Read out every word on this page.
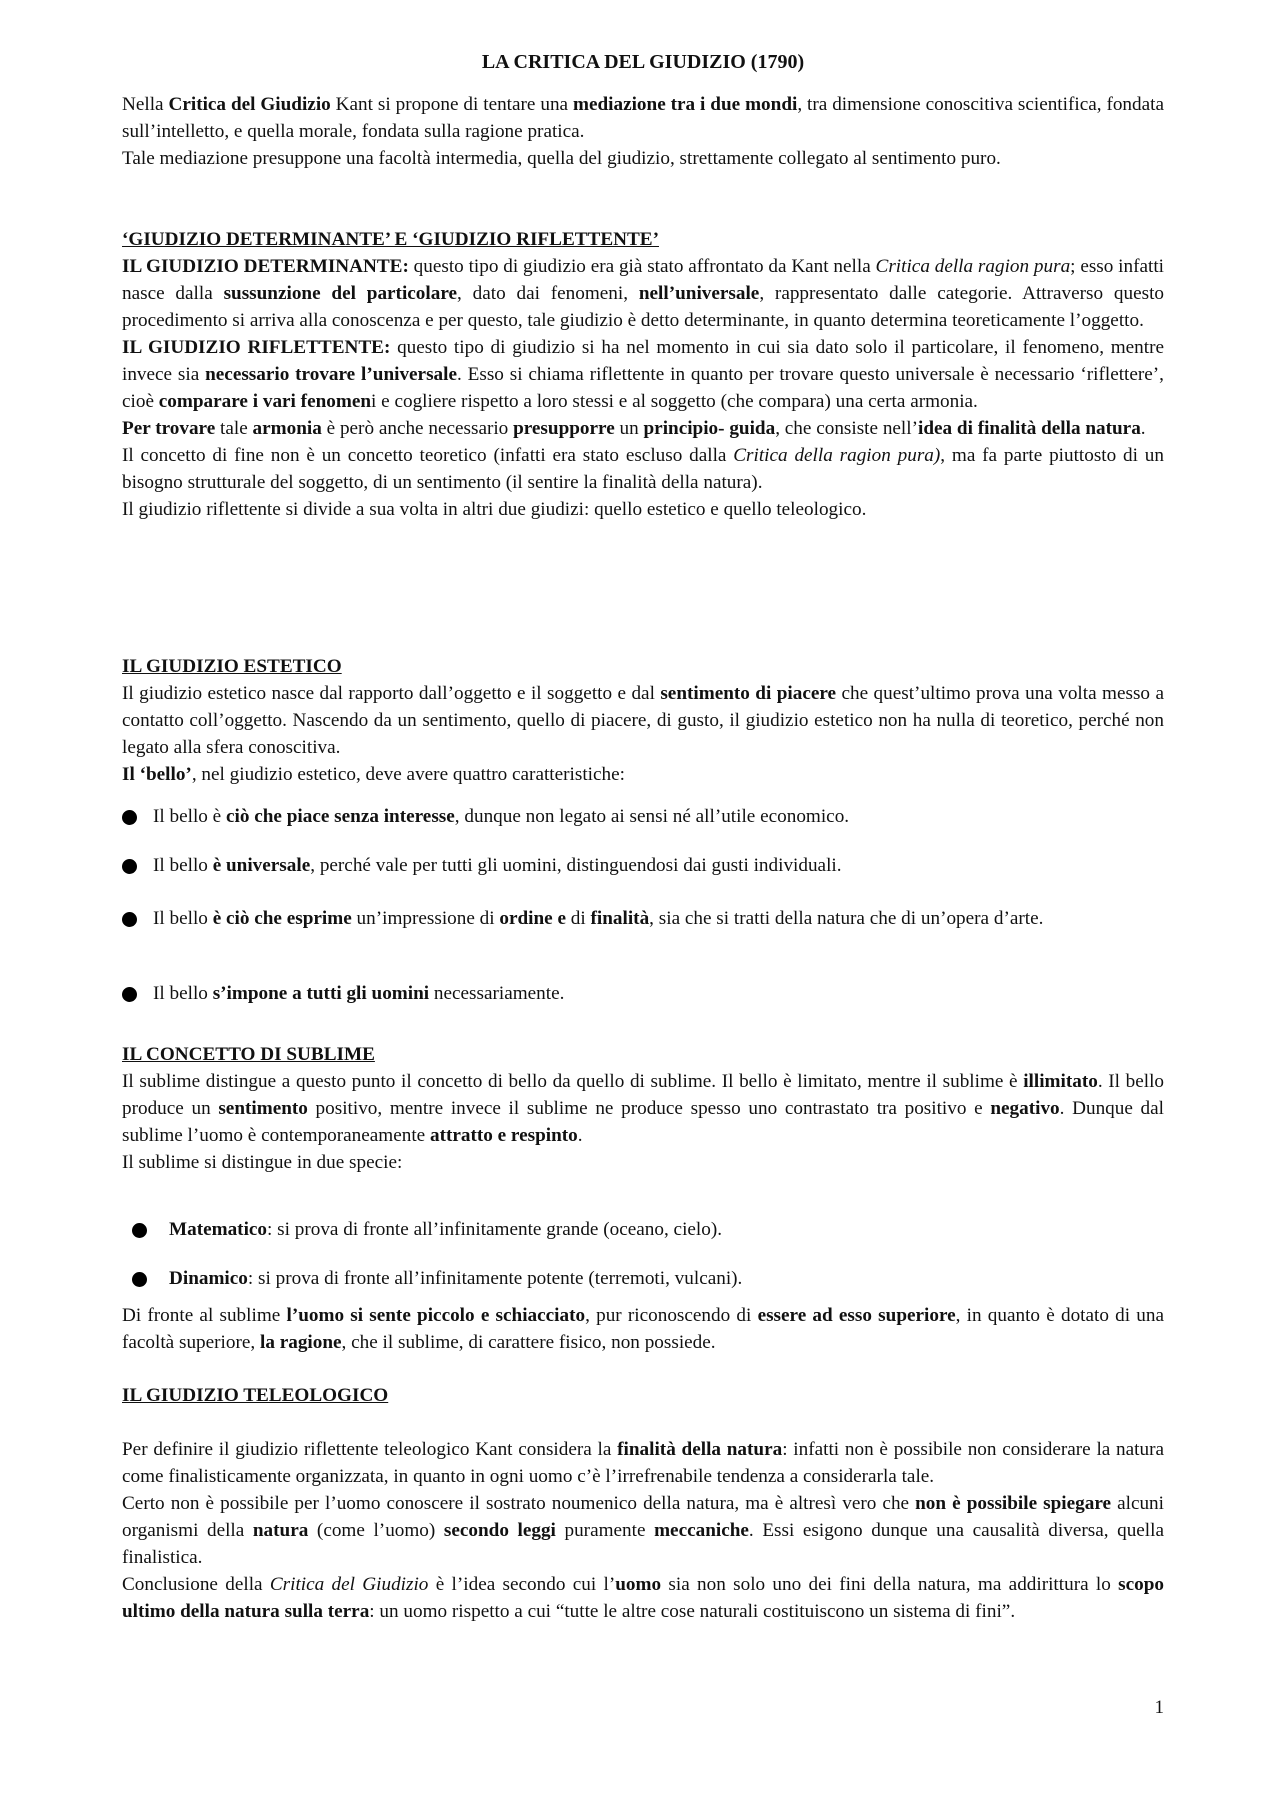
LA CRITICA DEL GIUDIZIO (1790)

Nella Critica del Giudizio Kant si propone di tentare una mediazione tra i due mondi, tra dimensione conoscitiva scientifica, fondata sull’intelletto, e quella morale, fondata sulla ragione pratica.

Tale mediazione presuppone una facoltà intermedia, quella del giudizio, strettamente collegato al sentimento puro.

‘GIUDIZIO DETERMINANTE’ E ‘GIUDIZIO RIFLETTENTE’

IL GIUDIZIO DETERMINANTE: questo tipo di giudizio era già stato affrontato da Kant nella Critica della ragion pura; esso infatti nasce dalla sussunzione del particolare, dato dai fenomeni, nell’universale, rappresentato dalle categorie. Attraverso questo procedimento si arriva alla conoscenza e per questo, tale giudizio è detto determinante, in quanto determina teoreticamente l’oggetto.

IL GIUDIZIO RIFLETTENTE: questo tipo di giudizio si ha nel momento in cui sia dato solo il particolare, il fenomeno, mentre invece sia necessario trovare l’universale. Esso si chiama riflettente in quanto per trovare questo universale è necessario ‘riflettere’, cioè comparare i vari fenomeni e cogliere rispetto a loro stessi e al soggetto (che compara) una certa armonia.

Per trovare tale armonia è però anche necessario presupporre un principio- guida, che consiste nell’idea di finalità della natura.

Il concetto di fine non è un concetto teoretico (infatti era stato escluso dalla Critica della ragion pura), ma fa parte piuttosto di un bisogno strutturale del soggetto, di un sentimento (il sentire la finalità della natura).

Il giudizio riflettente si divide a sua volta in altri due giudizi: quello estetico e quello teleologico.

IL GIUDIZIO ESTETICO

Il giudizio estetico nasce dal rapporto dall’oggetto e il soggetto e dal sentimento di piacere che quest’ultimo prova una volta messo a contatto coll’oggetto. Nascendo da un sentimento, quello di piacere, di gusto, il giudizio estetico non ha nulla di teoretico, perché non legato alla sfera conoscitiva.

Il ‘bello’, nel giudizio estetico, deve avere quattro caratteristiche:

Il bello è ciò che piace senza interesse, dunque non legato ai sensi né all’utile economico.
Il bello è universale, perché vale per tutti gli uomini, distinguendosi dai gusti individuali.
Il bello è ciò che esprime un’impressione di ordine e di finalità, sia che si tratti della natura che di un’opera d’arte.
Il bello s’impone a tutti gli uomini necessariamente.

IL CONCETTO DI SUBLIME

Il sublime distingue a questo punto il concetto di bello da quello di sublime. Il bello è limitato, mentre il sublime è illimitato. Il bello produce un sentimento positivo, mentre invece il sublime ne produce spesso uno contrastato tra positivo e negativo. Dunque dal sublime l’uomo è contemporaneamente attratto e respinto.

Il sublime si distingue in due specie:

Matematico: si prova di fronte all’infinitamente grande (oceano, cielo).
Dinamico: si prova di fronte all’infinitamente potente (terremoti, vulcani).

Di fronte al sublime l’uomo si sente piccolo e schiacciato, pur riconoscendo di essere ad esso superiore, in quanto è dotato di una facoltà superiore, la ragione, che il sublime, di carattere fisico, non possiede.

IL GIUDIZIO TELEOLOGICO

Per definire il giudizio riflettente teleologico Kant considera la finalità della natura: infatti non è possibile non considerare la natura come finalisticamente organizzata, in quanto in ogni uomo c’è l’irrefrenabile tendenza a considerarla tale.

Certo non è possibile per l’uomo conoscere il sostrato noumenico della natura, ma è altresì vero che non è possibile spiegare alcuni organismi della natura (come l’uomo) secondo leggi puramente meccaniche. Essi esigono dunque una causalità diversa, quella finalistica.

Conclusione della Critica del Giudizio è l’idea secondo cui l’uomo sia non solo uno dei fini della natura, ma addirittura lo scopo ultimo della natura sulla terra: un uomo rispetto a cui “tutte le altre cose naturali costituiscono un sistema di fini”.

1
